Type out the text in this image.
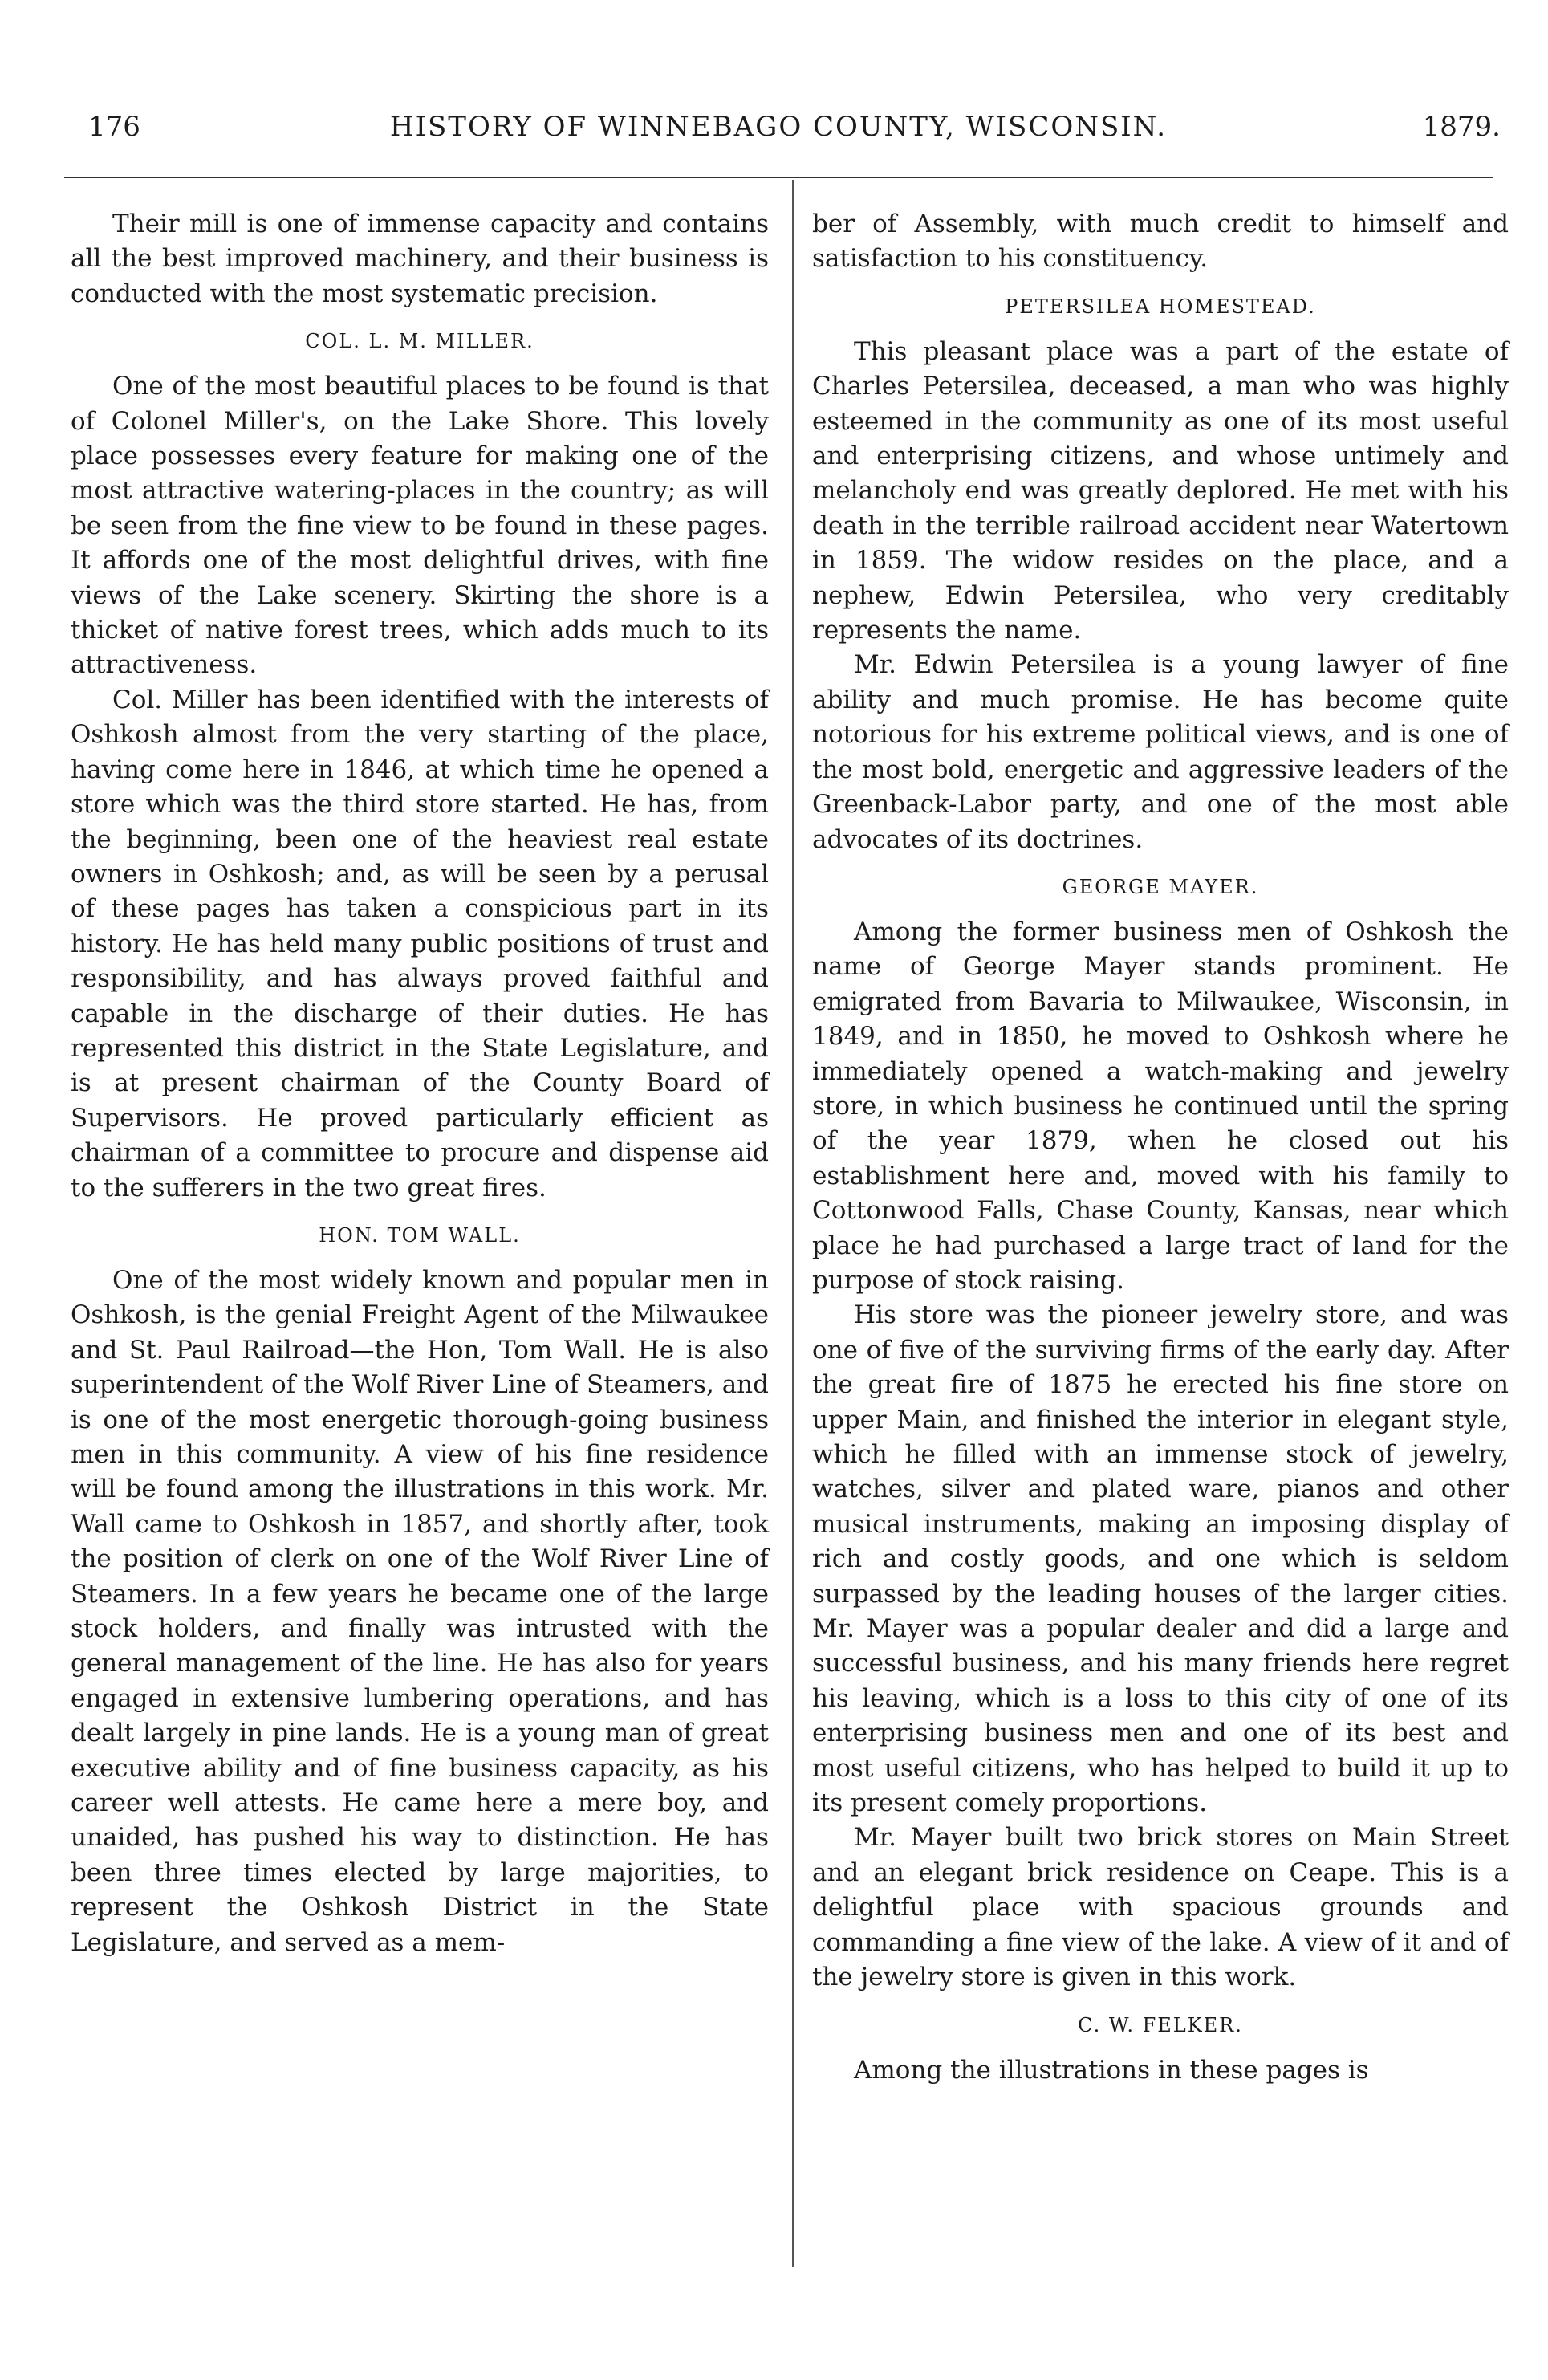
176	HISTORY OF WINNEBAGO COUNTY, WISCONSIN.	1879.

Their mill is one of immense capacity and contains all the best improved machinery, and their business is conducted with the most systematic precision.

COL. L. M. MILLER.

One of the most beautiful places to be found is that of Colonel Miller's, on the Lake Shore. This lovely place possesses every feature for making one of the most attractive watering-places in the country; as will be seen from the fine view to be found in these pages. It affords one of the most delightful drives, with fine views of the Lake scenery. Skirting the shore is a thicket of native forest trees, which adds much to its attractiveness.

Col. Miller has been identified with the interests of Oshkosh almost from the very starting of the place, having come here in 1846, at which time he opened a store which was the third store started. He has, from the beginning, been one of the heaviest real estate owners in Oshkosh; and, as will be seen by a perusal of these pages has taken a conspicious part in its history. He has held many public positions of trust and responsibility, and has always proved faithful and capable in the discharge of their duties. He has represented this district in the State Legislature, and is at present chairman of the County Board of Supervisors. He proved particularly efficient as chairman of a committee to procure and dispense aid to the sufferers in the two great fires.

HON. TOM WALL.

One of the most widely known and popular men in Oshkosh, is the genial Freight Agent of the Milwaukee and St. Paul Railroad—the Hon, Tom Wall. He is also superintendent of the Wolf River Line of Steamers, and is one of the most energetic thorough-going business men in this community. A view of his fine residence will be found among the illustrations in this work. Mr. Wall came to Oshkosh in 1857, and shortly after, took the position of clerk on one of the Wolf River Line of Steamers. In a few years he became one of the large stock holders, and finally was intrusted with the general management of the line. He has also for years engaged in extensive lumbering operations, and has dealt largely in pine lands. He is a young man of great executive ability and of fine business capacity, as his career well attests. He came here a mere boy, and unaided, has pushed his way to distinction. He has been three times elected by large majorities, to represent the Oshkosh District in the State Legislature, and served as a mem-

ber of Assembly, with much credit to himself and satisfaction to his constituency.

PETERSILEA HOMESTEAD.

This pleasant place was a part of the estate of Charles Petersilea, deceased, a man who was highly esteemed in the community as one of its most useful and enterprising citizens, and whose untimely and melancholy end was greatly deplored. He met with his death in the terrible railroad accident near Watertown in 1859. The widow resides on the place, and a nephew, Edwin Petersilea, who very creditably represents the name.

Mr. Edwin Petersilea is a young lawyer of fine ability and much promise. He has become quite notorious for his extreme political views, and is one of the most bold, energetic and aggressive leaders of the Greenback-Labor party, and one of the most able advocates of its doctrines.

GEORGE MAYER.

Among the former business men of Oshkosh the name of George Mayer stands prominent. He emigrated from Bavaria to Milwaukee, Wisconsin, in 1849, and in 1850, he moved to Oshkosh where he immediately opened a watch-making and jewelry store, in which business he continued until the spring of the year 1879, when he closed out his establishment here and, moved with his family to Cottonwood Falls, Chase County, Kansas, near which place he had purchased a large tract of land for the purpose of stock raising.

His store was the pioneer jewelry store, and was one of five of the surviving firms of the early day. After the great fire of 1875 he erected his fine store on upper Main, and finished the interior in elegant style, which he filled with an immense stock of jewelry, watches, silver and plated ware, pianos and other musical instruments, making an imposing display of rich and costly goods, and one which is seldom surpassed by the leading houses of the larger cities. Mr. Mayer was a popular dealer and did a large and successful business, and his many friends here regret his leaving, which is a loss to this city of one of its enterprising business men and one of its best and most useful citizens, who has helped to build it up to its present comely proportions.

Mr. Mayer built two brick stores on Main Street and an elegant brick residence on Ceape. This is a delightful place with spacious grounds and commanding a fine view of the lake. A view of it and of the jewelry store is given in this work.

C. W. FELKER.

Among the illustrations in these pages is
